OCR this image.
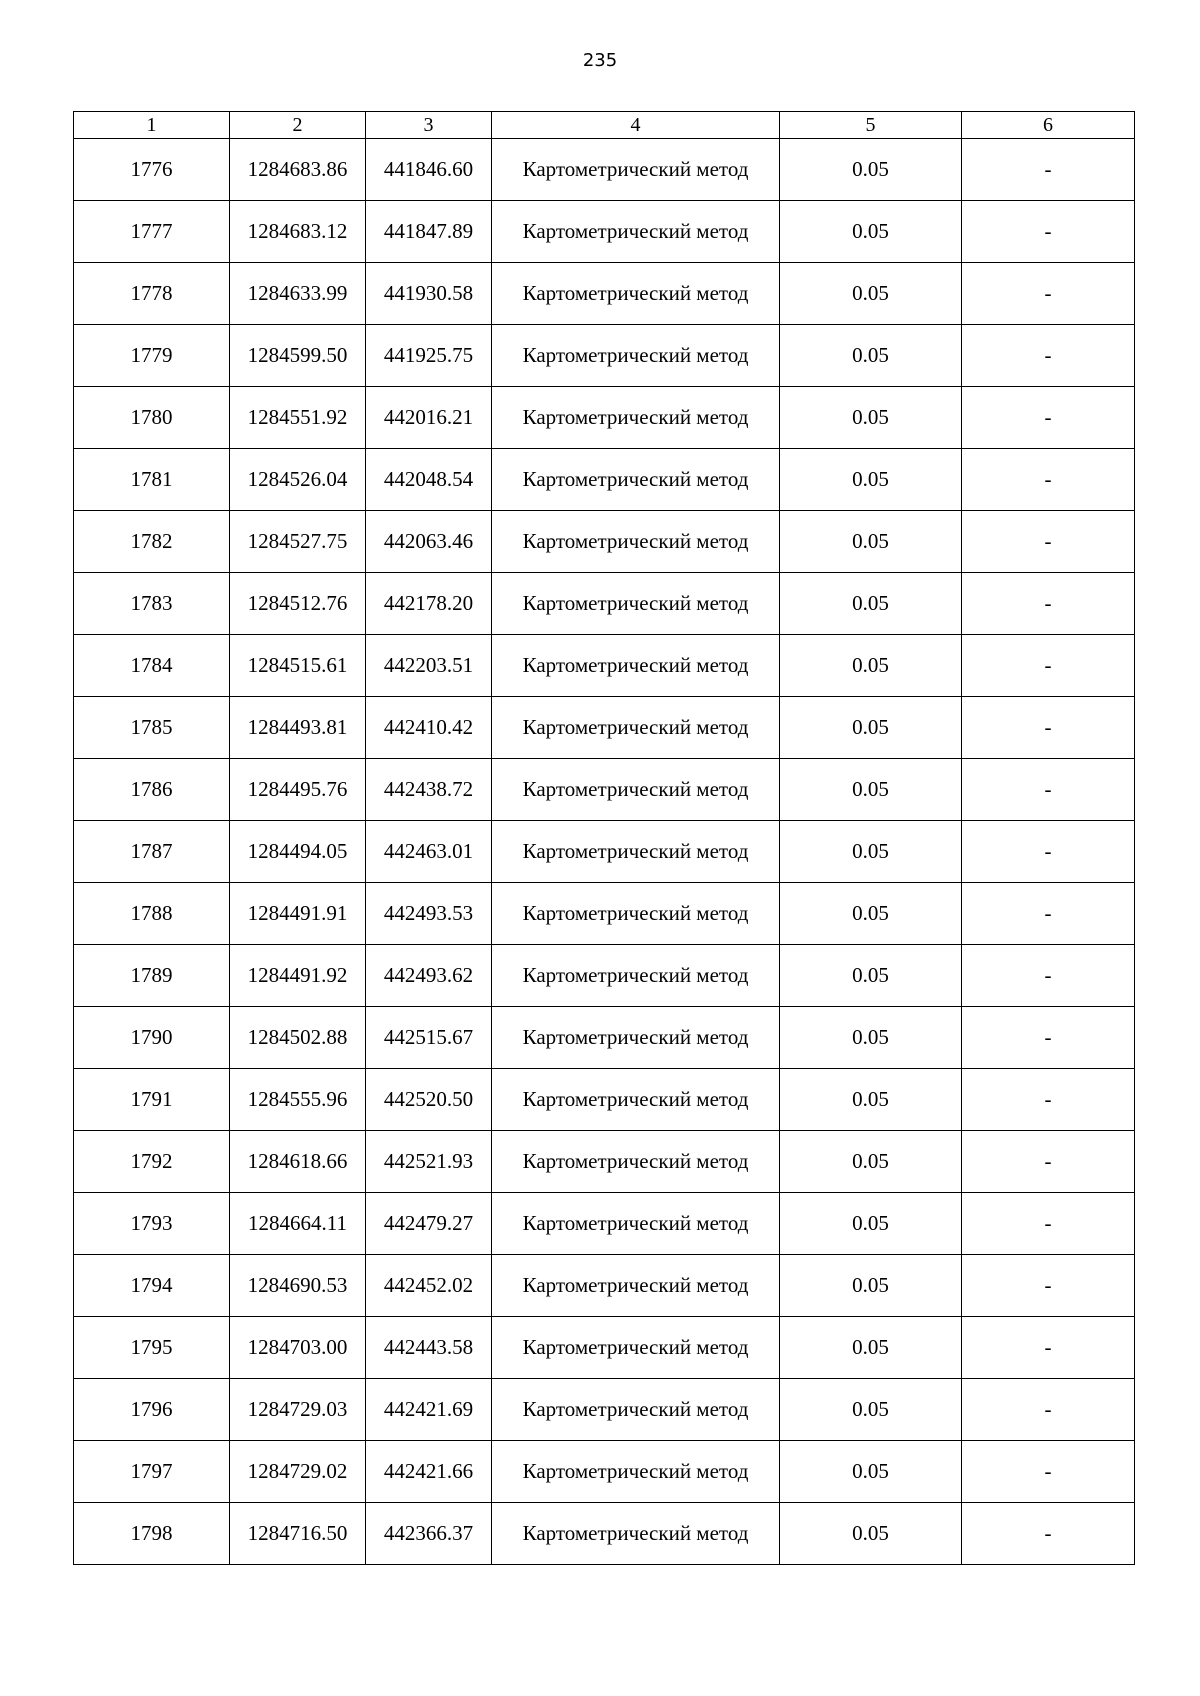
235
1	2	3	4	5	6
1776	1284683.86	441846.60	Картометрический метод	0.05	-
1777	1284683.12	441847.89	Картометрический метод	0.05	-
1778	1284633.99	441930.58	Картометрический метод	0.05	-
1779	1284599.50	441925.75	Картометрический метод	0.05	-
1780	1284551.92	442016.21	Картометрический метод	0.05	-
1781	1284526.04	442048.54	Картометрический метод	0.05	-
1782	1284527.75	442063.46	Картометрический метод	0.05	-
1783	1284512.76	442178.20	Картометрический метод	0.05	-
1784	1284515.61	442203.51	Картометрический метод	0.05	-
1785	1284493.81	442410.42	Картометрический метод	0.05	-
1786	1284495.76	442438.72	Картометрический метод	0.05	-
1787	1284494.05	442463.01	Картометрический метод	0.05	-
1788	1284491.91	442493.53	Картометрический метод	0.05	-
1789	1284491.92	442493.62	Картометрический метод	0.05	-
1790	1284502.88	442515.67	Картометрический метод	0.05	-
1791	1284555.96	442520.50	Картометрический метод	0.05	-
1792	1284618.66	442521.93	Картометрический метод	0.05	-
1793	1284664.11	442479.27	Картометрический метод	0.05	-
1794	1284690.53	442452.02	Картометрический метод	0.05	-
1795	1284703.00	442443.58	Картометрический метод	0.05	-
1796	1284729.03	442421.69	Картометрический метод	0.05	-
1797	1284729.02	442421.66	Картометрический метод	0.05	-
1798	1284716.50	442366.37	Картометрический метод	0.05	-
